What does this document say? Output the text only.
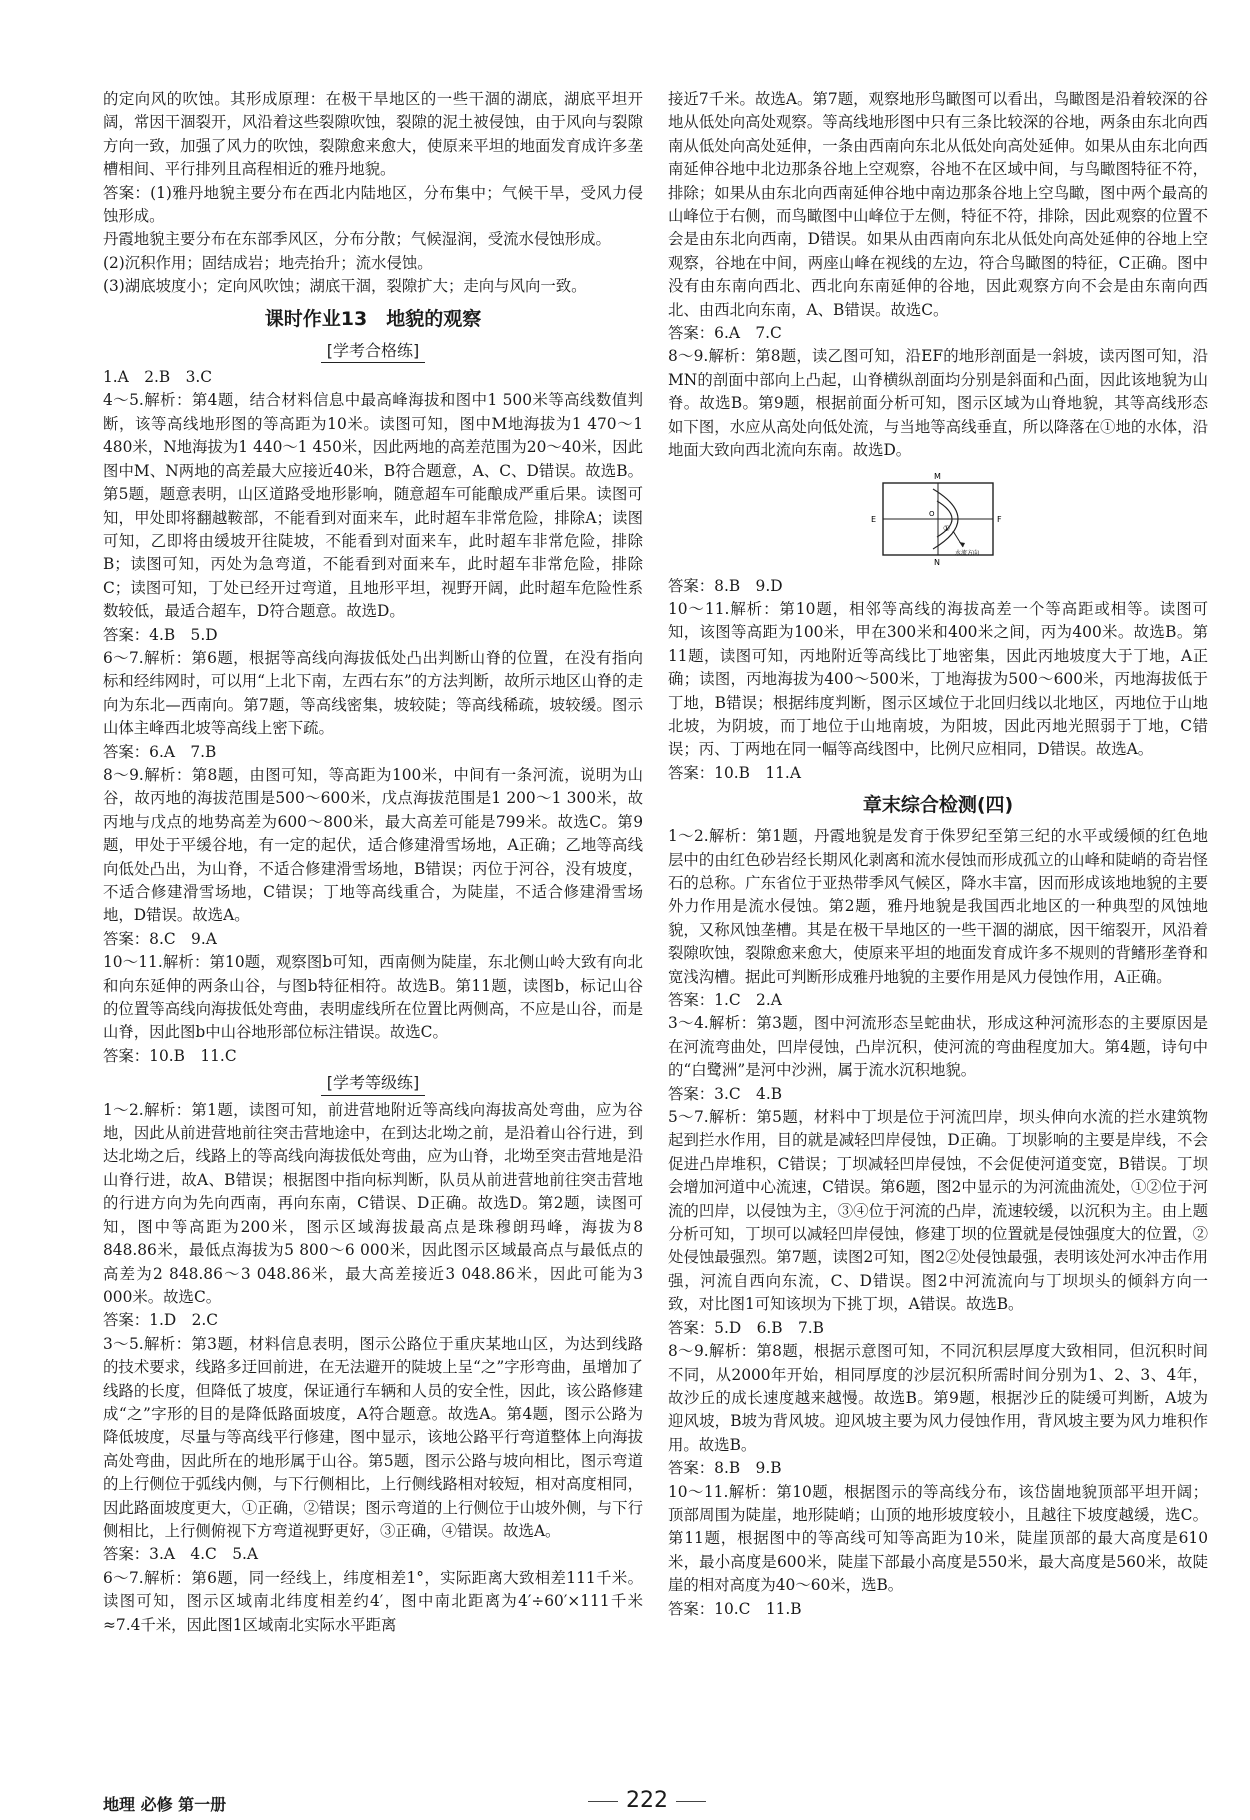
的定向风的吹蚀。其形成原理：在极干旱地区的一些干涸的湖底，湖底平坦开阔，常因干涸裂开，风沿着这些裂隙吹蚀，裂隙的泥土被侵蚀，由于风向与裂隙方向一致，加强了风力的吹蚀，裂隙愈来愈大，使原来平坦的地面发育成许多垄槽相间、平行排列且高程相近的雅丹地貌。

答案：(1)雅丹地貌主要分布在西北内陆地区，分布集中；气候干旱，受风力侵蚀形成。

丹霞地貌主要分布在东部季风区，分布分散；气候湿润，受流水侵蚀形成。

(2)沉积作用；固结成岩；地壳抬升；流水侵蚀。

(3)湖底坡度小；定向风吹蚀；湖底干涸，裂隙扩大；走向与风向一致。

课时作业13　地貌的观察
[ 学考合格练 ]

1.A　2.B　3.C

4～5.解析：第4题，结合材料信息中最高峰海拔和图中1 500米等高线数值判断，该等高线地形图的等高距为10米。读图可知，图中M地海拔为1 470～1 480米，N地海拔为1 440～1 450米，因此两地的高差范围为20～40米，因此图中M、N两地的高差最大应接近40米，B符合题意，A、C、D错误。故选B。第5题，题意表明，山区道路受地形影响，随意超车可能酿成严重后果。读图可知，甲处即将翻越鞍部，不能看到对面来车，此时超车非常危险，排除A；读图可知，乙即将由缓坡开往陡坡，不能看到对面来车，此时超车非常危险，排除B；读图可知，丙处为急弯道，不能看到对面来车，此时超车非常危险，排除C；读图可知，丁处已经开过弯道，且地形平坦，视野开阔，此时超车危险性系数较低，最适合超车，D符合题意。故选D。

答案：4.B　5.D

6～7.解析：第6题，根据等高线向海拔低处凸出判断山脊的位置，在没有指向标和经纬网时，可以用“上北下南，左西右东”的方法判断，故所示地区山脊的走向为东北—西南向。第7题，等高线密集，坡较陡；等高线稀疏，坡较缓。图示山体主峰西北坡等高线上密下疏。

答案：6.A　7.B

8～9.解析：第8题，由图可知，等高距为100米，中间有一条河流，说明为山谷，故丙地的海拔范围是500～600米，戊点海拔范围是1 200～1 300米，故丙地与戊点的地势高差为600～800米，最大高差可能是799米。故选C。第9题，甲处于平缓谷地，有一定的起伏，适合修建滑雪场地，A正确；乙地等高线向低处凸出，为山脊，不适合修建滑雪场地，B错误；丙位于河谷，没有坡度，不适合修建滑雪场地，C错误；丁地等高线重合，为陡崖，不适合修建滑雪场地，D错误。故选A。

答案：8.C　9.A

10～11.解析：第10题，观察图b可知，西南侧为陡崖，东北侧山岭大致有向北和向东延伸的两条山谷，与图b特征相符。故选B。第11题，读图b，标记山谷的位置等高线向海拔低处弯曲，表明虚线所在位置比两侧高，不应是山谷，而是山脊，因此图b中山谷地形部位标注错误。故选C。

答案：10.B　11.C

[ 学考等级练 ]

1～2.解析：第1题，读图可知，前进营地附近等高线向海拔高处弯曲，应为谷地，因此从前进营地前往突击营地途中，在到达北坳之前，是沿着山谷行进，到达北坳之后，线路上的等高线向海拔低处弯曲，应为山脊，北坳至突击营地是沿山脊行进，故A、B错误；根据图中指向标判断，队员从前进营地前往突击营地的行进方向为先向西南，再向东南，C错误、D正确。故选D。第2题，读图可知，图中等高距为200米，图示区域海拔最高点是珠穆朗玛峰，海拔为8 848.86米，最低点海拔为5 800～6 000米，因此图示区域最高点与最低点的高差为2 848.86～3 048.86米，最大高差接近3 048.86米，因此可能为3 000米。故选C。

答案：1.D　2.C

3～5.解析：第3题，材料信息表明，图示公路位于重庆某地山区，为达到线路的技术要求，线路多迂回前进，在无法避开的陡坡上呈“之”字形弯曲，虽增加了线路的长度，但降低了坡度，保证通行车辆和人员的安全性，因此，该公路修建成“之”字形的目的是降低路面坡度，A符合题意。故选A。第4题，图示公路为降低坡度，尽量与等高线平行修建，图中显示，该地公路平行弯道整体上向海拔高处弯曲，因此所在的地形属于山谷。第5题，图示公路与坡向相比，图示弯道的上行侧位于弧线内侧，与下行侧相比，上行侧线路相对较短，相对高度相同，因此路面坡度更大，①正确，②错误；图示弯道的上行侧位于山坡外侧，与下行侧相比，上行侧俯视下方弯道视野更好，③正确，④错误。故选A。

答案：3.A　4.C　5.A

6～7.解析：第6题，同一经线上，纬度相差1°，实际距离大致相差111千米。读图可知，图示区域南北纬度相差约4′，图中南北距离为4′÷60′×111千米≈7.4千米，因此图1区域南北实际水平距离

接近7千米。故选A。第7题，观察地形鸟瞰图可以看出，鸟瞰图是沿着较深的谷地从低处向高处观察。等高线地形图中只有三条比较深的谷地，两条由东北向西南从低处向高处延伸，一条由西南向东北从低处向高处延伸。如果从由东北向西南延伸谷地中北边那条谷地上空观察，谷地不在区域中间，与鸟瞰图特征不符，排除；如果从由东北向西南延伸谷地中南边那条谷地上空鸟瞰，图中两个最高的山峰位于右侧，而鸟瞰图中山峰位于左侧，特征不符，排除，因此观察的位置不会是由东北向西南，D错误。如果从由西南向东北从低处向高处延伸的谷地上空观察，谷地在中间，两座山峰在视线的左边，符合鸟瞰图的特征，C正确。图中没有由东南向西北、西北向东南延伸的谷地，因此观察方向不会是由东南向西北、由西北向东南，A、B错误。故选C。

答案：6.A　7.C

8～9.解析：第8题，读乙图可知，沿EF的地形剖面是一斜坡，读丙图可知，沿MN的剖面中部向上凸起，山脊横纵剖面均分别是斜面和凸面，因此该地貌为山脊。故选B。第9题，根据前面分析可知，图示区域为山脊地貌，其等高线形态如下图，水应从高处向低处流，与当地等高线垂直，所以降落在①地的水体，沿地面大致向西北流向东南。故选D。

M
N
E	F
O
①
水流方向

答案：8.B　9.D

10～11.解析：第10题，相邻等高线的海拔高差一个等高距或相等。读图可知，该图等高距为100米，甲在300米和400米之间，丙为400米。故选B。第11题，读图可知，丙地附近等高线比丁地密集，因此丙地坡度大于丁地，A正确；读图，丙地海拔为400～500米，丁地海拔为500～600米，丙地海拔低于丁地，B错误；根据纬度判断，图示区域位于北回归线以北地区，丙地位于山地北坡，为阴坡，而丁地位于山地南坡，为阳坡，因此丙地光照弱于丁地，C错误；丙、丁两地在同一幅等高线图中，比例尺应相同，D错误。故选A。

答案：10.B　11.A

章末综合检测(四)

1～2.解析：第1题，丹霞地貌是发育于侏罗纪至第三纪的水平或缓倾的红色地层中的由红色砂岩经长期风化剥离和流水侵蚀而形成孤立的山峰和陡峭的奇岩怪石的总称。广东省位于亚热带季风气候区，降水丰富，因而形成该地地貌的主要外力作用是流水侵蚀。第2题，雅丹地貌是我国西北地区的一种典型的风蚀地貌，又称风蚀垄槽。其是在极干旱地区的一些干涸的湖底，因干缩裂开，风沿着裂隙吹蚀，裂隙愈来愈大，使原来平坦的地面发育成许多不规则的背鳍形垄脊和宽浅沟槽。据此可判断形成雅丹地貌的主要作用是风力侵蚀作用，A正确。

答案：1.C　2.A

3～4.解析：第3题，图中河流形态呈蛇曲状，形成这种河流形态的主要原因是在河流弯曲处，凹岸侵蚀，凸岸沉积，使河流的弯曲程度加大。第4题，诗句中的“白鹭洲”是河中沙洲，属于流水沉积地貌。

答案：3.C　4.B

5～7.解析：第5题，材料中丁坝是位于河流凹岸，坝头伸向水流的拦水建筑物起到拦水作用，目的就是减轻凹岸侵蚀，D正确。丁坝影响的主要是岸线，不会促进凸岸堆积，C错误；丁坝减轻凹岸侵蚀，不会促使河道变宽，B错误。丁坝会增加河道中心流速，C错误。第6题，图2中显示的为河流曲流处，①②位于河流的凹岸，以侵蚀为主，③④位于河流的凸岸，流速较缓，以沉积为主。由上题分析可知，丁坝可以减轻凹岸侵蚀，修建丁坝的位置就是侵蚀强度大的位置，②处侵蚀最强烈。第7题，读图2可知，图2②处侵蚀最强，表明该处河水冲击作用强，河流自西向东流，C、D错误。图2中河流流向与丁坝坝头的倾斜方向一致，对比图1可知该坝为下挑丁坝，A错误。故选B。

答案：5.D　6.B　7.B

8～9.解析：第8题，根据示意图可知，不同沉积层厚度大致相同，但沉积时间不同，从2000年开始，相同厚度的沙层沉积所需时间分别为1、2、3、4年，故沙丘的成长速度越来越慢。故选B。第9题，根据沙丘的陡缓可判断，A坡为迎风坡，B坡为背风坡。迎风坡主要为风力侵蚀作用，背风坡主要为风力堆积作用。故选B。

答案：8.B　9.B

10～11.解析：第10题，根据图示的等高线分布，该岱崮地貌顶部平坦开阔；顶部周围为陡崖，地形陡峭；山顶的地形坡度较小，且越往下坡度越缓，选C。第11题，根据图中的等高线可知等高距为10米，陡崖顶部的最大高度是610米，最小高度是600米，陡崖下部最小高度是550米，最大高度是560米，故陡崖的相对高度为40～60米，选B。

答案：10.C　11.B

地理 必修 第一册	222
